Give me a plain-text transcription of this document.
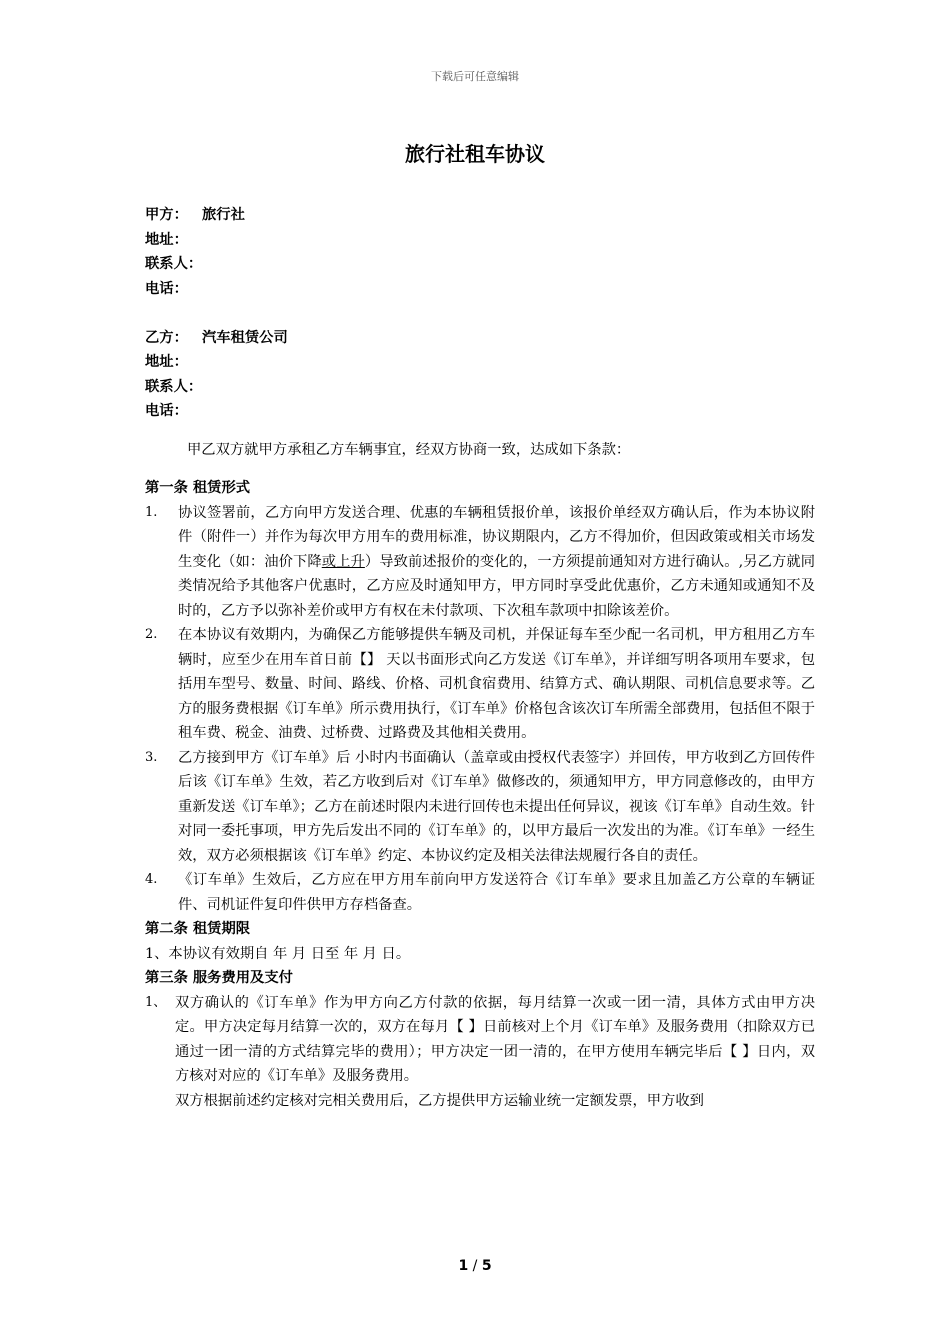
下载后可任意编辑
旅行社租车协议
甲方： 旅行社
地址：
联系人：
电话：
乙方： 汽车租赁公司
地址：
联系人：
电话：
甲乙双方就甲方承租乙方车辆事宜，经双方协商一致，达成如下条款：
第一条 租赁形式
1. 协议签署前，乙方向甲方发送合理、优惠的车辆租赁报价单，该报价单经双方确认后，作为本协议附件（附件一）并作为每次甲方用车的费用标准，协议期限内，乙方不得加价，但因政策或相关市场发生变化（如：油价下降或上升）导致前述报价的变化的，一方须提前通知对方进行确认。,另乙方就同类情况给予其他客户优惠时，乙方应及时通知甲方，甲方同时享受此优惠价，乙方未通知或通知不及时的，乙方予以弥补差价或甲方有权在未付款项、下次租车款项中扣除该差价。
2. 在本协议有效期内，为确保乙方能够提供车辆及司机，并保证每车至少配一名司机，甲方租用乙方车辆时，应至少在用车首日前【】 天以书面形式向乙方发送《订车单》，并详细写明各项用车要求，包括用车型号、数量、时间、路线、价格、司机食宿费用、结算方式、确认期限、司机信息要求等。乙方的服务费根据《订车单》所示费用执行，《订车单》价格包含该次订车所需全部费用，包括但不限于租车费、税金、油费、过桥费、过路费及其他相关费用。
3. 乙方接到甲方《订车单》后 小时内书面确认（盖章或由授权代表签字）并回传，甲方收到乙方回传件后该《订车单》生效，若乙方收到后对《订车单》做修改的，须通知甲方，甲方同意修改的，由甲方重新发送《订车单》；乙方在前述时限内未进行回传也未提出任何异议，视该《订车单》自动生效。针对同一委托事项，甲方先后发出不同的《订车单》的，以甲方最后一次发出的为准。《订车单》一经生效，双方必须根据该《订车单》约定、本协议约定及相关法律法规履行各自的责任。
4. 《订车单》生效后，乙方应在甲方用车前向甲方发送符合《订车单》要求且加盖乙方公章的车辆证件、司机证件复印件供甲方存档备查。
第二条 租赁期限
1、本协议有效期自 年 月 日至 年 月 日。
第三条 服务费用及支付
1、 双方确认的《订车单》作为甲方向乙方付款的依据，每月结算一次或一团一清，具体方式由甲方决定。甲方决定每月结算一次的，双方在每月【 】日前核对上个月《订车单》及服务费用（扣除双方已通过一团一清的方式结算完毕的费用）；甲方决定一团一清的，在甲方使用车辆完毕后【 】日内，双方核对对应的《订车单》及服务费用。
双方根据前述约定核对完相关费用后，乙方提供甲方运输业统一定额发票，甲方收到
1 / 5
